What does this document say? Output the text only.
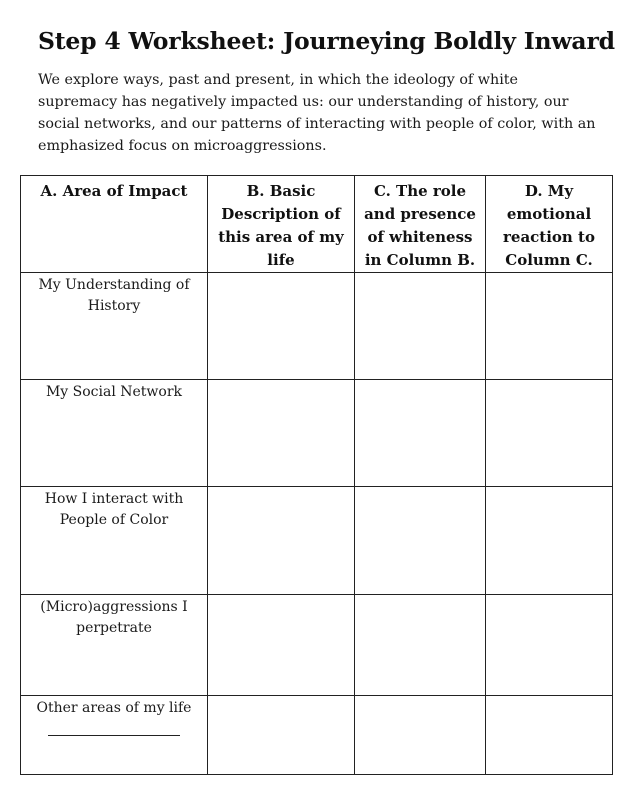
Step 4 Worksheet: Journeying Boldly Inward

We explore ways, past and present, in which the ideology of white supremacy has negatively impacted us: our understanding of history, our social networks, and our patterns of interacting with people of color, with an emphasized focus on microaggressions.

A. Area of Impact	B. Basic Description of this area of my life	C. The role and presence of whiteness in Column B.	D. My emotional reaction to Column C.

My Understanding of History			

My Social Network			

How I interact with People of Color			

(Micro)aggressions I perpetrate			

Other areas of my life			
